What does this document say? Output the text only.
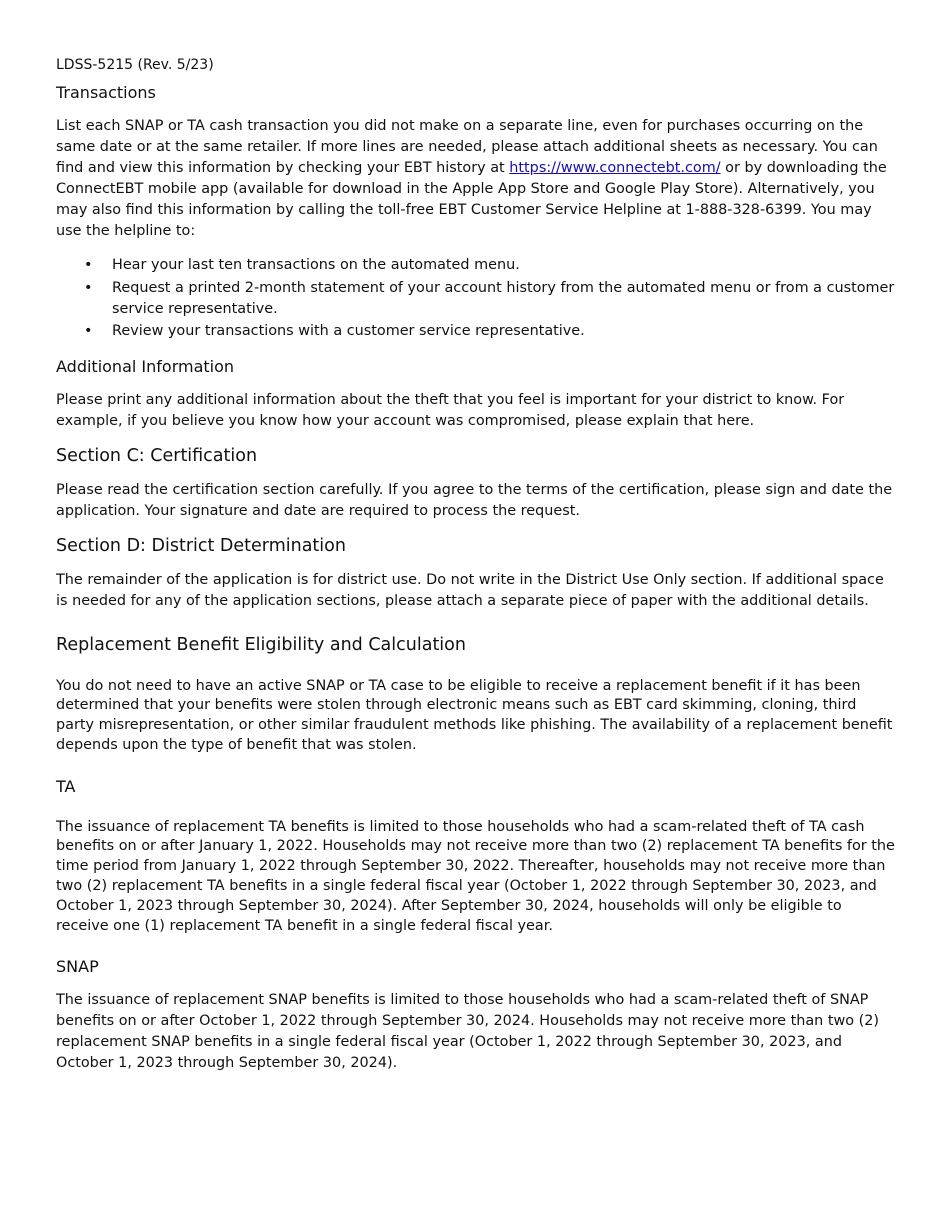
LDSS-5215 (Rev. 5/23)
Transactions

List each SNAP or TA cash transaction you did not make on a separate line, even for purchases occurring on the same date or at the same retailer. If more lines are needed, please attach additional sheets as necessary. You can find and view this information by checking your EBT history at https://www.connectebt.com/ or by downloading the ConnectEBT mobile app (available for download in the Apple App Store and Google Play Store). Alternatively, you may also find this information by calling the toll-free EBT Customer Service Helpline at 1-888-328-6399. You may use the helpline to:

• Hear your last ten transactions on the automated menu.
• Request a printed 2-month statement of your account history from the automated menu or from a customer service representative.
• Review your transactions with a customer service representative.
Additional Information

Please print any additional information about the theft that you feel is important for your district to know. For example, if you believe you know how your account was compromised, please explain that here.

Section C: Certification

Please read the certification section carefully. If you agree to the terms of the certification, please sign and date the application. Your signature and date are required to process the request.

Section D: District Determination

The remainder of the application is for district use. Do not write in the District Use Only section. If additional space is needed for any of the application sections, please attach a separate piece of paper with the additional details.

Replacement Benefit Eligibility and Calculation

You do not need to have an active SNAP or TA case to be eligible to receive a replacement benefit if it has been determined that your benefits were stolen through electronic means such as EBT card skimming, cloning, third party misrepresentation, or other similar fraudulent methods like phishing. The availability of a replacement benefit depends upon the type of benefit that was stolen.

TA

The issuance of replacement TA benefits is limited to those households who had a scam-related theft of TA cash benefits on or after January 1, 2022. Households may not receive more than two (2) replacement TA benefits for the time period from January 1, 2022 through September 30, 2022. Thereafter, households may not receive more than two (2) replacement TA benefits in a single federal fiscal year (October 1, 2022 through September 30, 2023, and October 1, 2023 through September 30, 2024). After September 30, 2024, households will only be eligible to receive one (1) replacement TA benefit in a single federal fiscal year.

SNAP

The issuance of replacement SNAP benefits is limited to those households who had a scam-related theft of SNAP benefits on or after October 1, 2022 through September 30, 2024. Households may not receive more than two (2) replacement SNAP benefits in a single federal fiscal year (October 1, 2022 through September 30, 2023, and October 1, 2023 through September 30, 2024).
